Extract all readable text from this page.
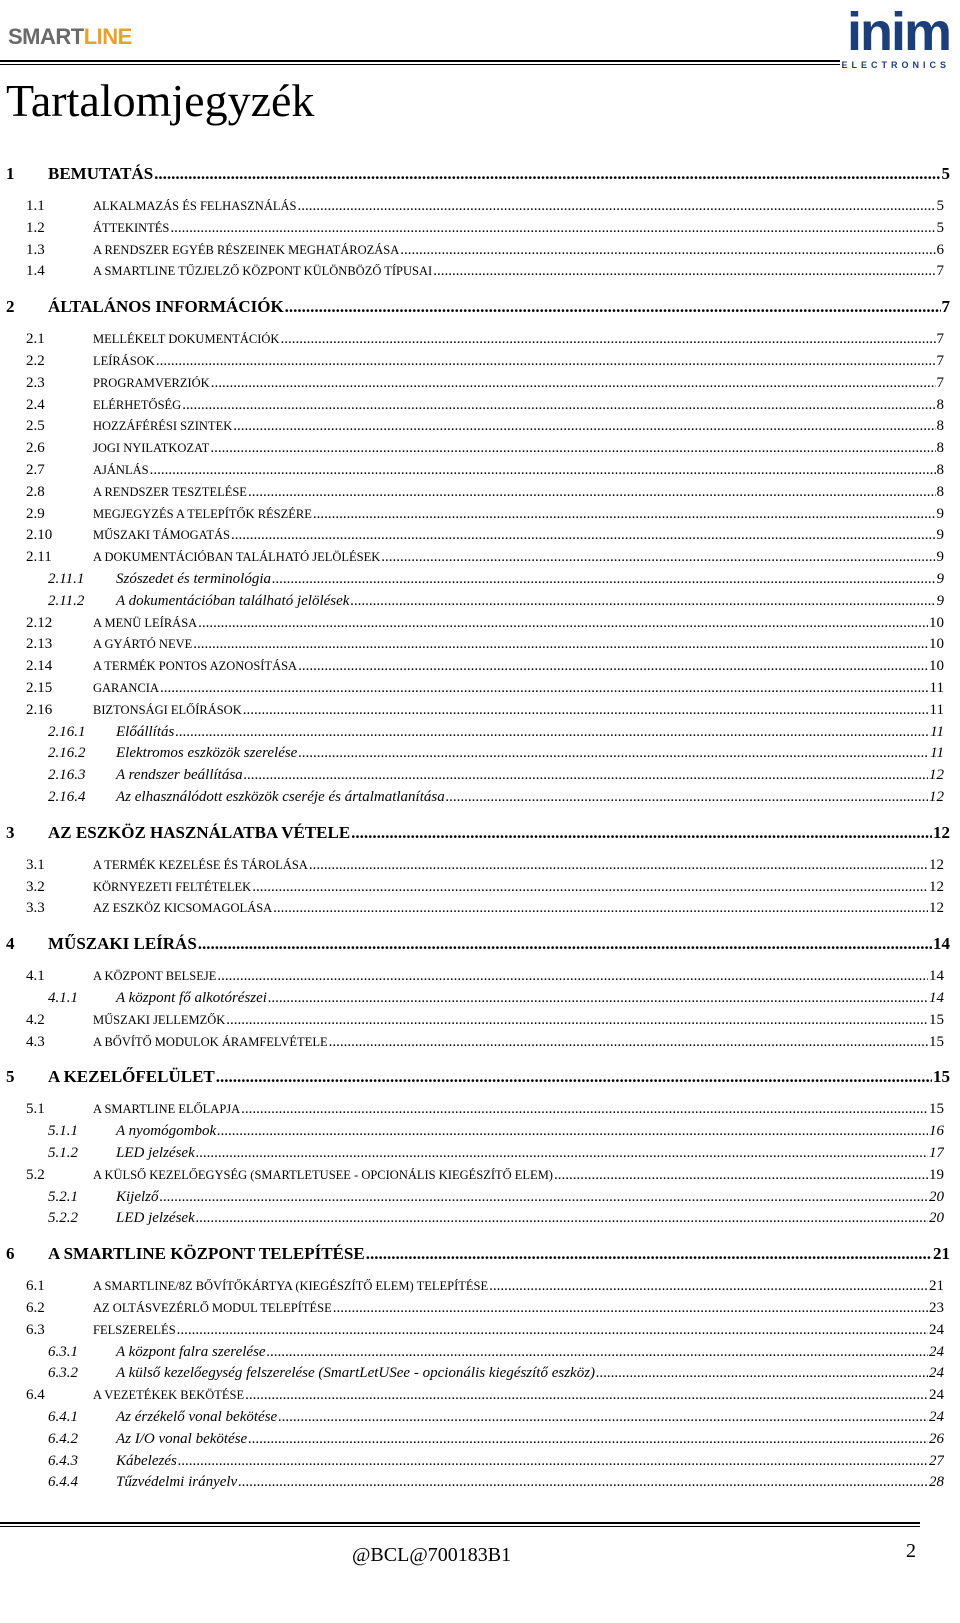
SMARTLINE	inim
ELECTRONICS
Tartalomjegyzék
1	BEMUTATÁS .....	5
1.1	ALKALMAZÁS ÉS FELHASZNÁLÁS .....	5
1.2	ÁTTEKINTÉS .....	5
1.3	A RENDSZER EGYÉB RÉSZEINEK MEGHATÁROZÁSA .....	6
1.4	A SMARTLINE TŰZJELZŐ KÖZPONT KÜLÖNBÖZŐ TÍPUSAI .....	7
2	ÁLTALÁNOS INFORMÁCIÓK .....	7
2.1	MELLÉKELT DOKUMENTÁCIÓK .....	7
2.2	LEÍRÁSOK .....	7
2.3	PROGRAMVERZIÓK .....	7
2.4	ELÉRHETŐSÉG .....	8
2.5	HOZZÁFÉRÉSI SZINTEK .....	8
2.6	JOGI NYILATKOZAT .....	8
2.7	AJÁNLÁS .....	8
2.8	A RENDSZER TESZTELÉSE .....	8
2.9	MEGJEGYZÉS A TELEPÍTŐK RÉSZÉRE .....	9
2.10	MŰSZAKI TÁMOGATÁS .....	9
2.11	A DOKUMENTÁCIÓBAN TALÁLHATÓ JELÖLÉSEK .....	9
2.11.1	Szószedet és terminológia .....	9
2.11.2	A dokumentációban található jelölések .....	9
2.12	A MENÜ LEÍRÁSA .....	10
2.13	A GYÁRTÓ NEVE .....	10
2.14	A TERMÉK PONTOS AZONOSÍTÁSA .....	10
2.15	GARANCIA .....	11
2.16	BIZTONSÁGI ELŐÍRÁSOK .....	11
2.16.1	Előállítás .....	11
2.16.2	Elektromos eszközök szerelése .....	11
2.16.3	A rendszer beállítása .....	12
2.16.4	Az elhasználódott eszközök cseréje és ártalmatlanítása .....	12
3	AZ ESZKÖZ HASZNÁLATBA VÉTELE .....	12
3.1	A TERMÉK KEZELÉSE ÉS TÁROLÁSA .....	12
3.2	KÖRNYEZETI FELTÉTELEK .....	12
3.3	AZ ESZKÖZ KICSOMAGOLÁSA .....	12
4	MŰSZAKI LEÍRÁS .....	14
4.1	A KÖZPONT BELSEJE .....	14
4.1.1	A központ fő alkotórészei .....	14
4.2	MŰSZAKI JELLEMZŐK .....	15
4.3	A BŐVÍTŐ MODULOK ÁRAMFELVÉTELE .....	15
5	A KEZELŐFELÜLET .....	15
5.1	A SMARTLINE ELŐLAPJA .....	15
5.1.1	A nyomógombok .....	16
5.1.2	LED jelzések .....	17
5.2	A KÜLSŐ KEZELŐEGYSÉG (SMARTLETUSEE - OPCIONÁLIS KIEGÉSZÍTŐ ELEM) .....	19
5.2.1	Kijelző .....	20
5.2.2	LED jelzések .....	20
6	A SMARTLINE KÖZPONT TELEPÍTÉSE .....	21
6.1	A SMARTLINE/8Z BŐVÍTŐKÁRTYA (KIEGÉSZÍTŐ ELEM) TELEPÍTÉSE .....	21
6.2	AZ OLTÁSVEZÉRLŐ MODUL TELEPÍTÉSE .....	23
6.3	FELSZERELÉS .....	24
6.3.1	A központ falra szerelése .....	24
6.3.2	A külső kezelőegység felszerelése (SmartLetUSee - opcionális kiegészítő eszköz) .....	24
6.4	A VEZETÉKEK BEKÖTÉSE .....	24
6.4.1	Az érzékelő vonal bekötése .....	24
6.4.2	Az I/O vonal bekötése .....	26
6.4.3	Kábelezés .....	27
6.4.4	Tűzvédelmi irányelv .....	28
@BCL@700183B1	2
